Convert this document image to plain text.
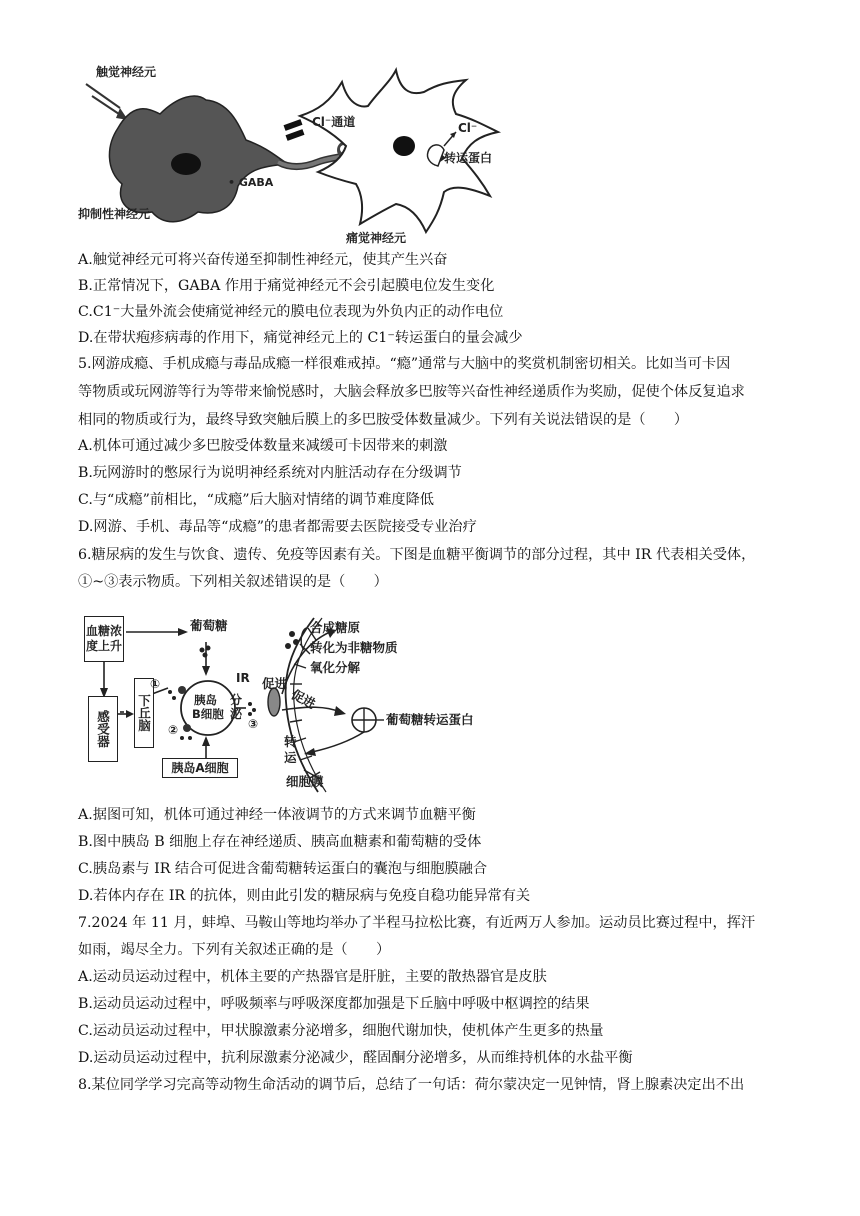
触觉神经元
• GABA
抑制性神经元
Cl⁻通道	Cl⁻
转运蛋白
痛觉神经元
A.触觉神经元可将兴奋传递至抑制性神经元，使其产生兴奋
B.正常情况下，GABA 作用于痛觉神经元不会引起膜电位发生变化
C.C1⁻大量外流会使痛觉神经元的膜电位表现为外负内正的动作电位
D.在带状疱疹病毒的作用下，痛觉神经元上的 C1⁻转运蛋白的量会减少
5.网游成瘾、手机成瘾与毒品成瘾一样很难戒掉。“瘾”通常与大脑中的奖赏机制密切相关。比如当可卡因
等物质或玩网游等行为等带来愉悦感时，大脑会释放多巴胺等兴奋性神经递质作为奖励，促使个体反复追求
相同的物质或行为，最终导致突触后膜上的多巴胺受体数量减少。下列有关说法错误的是（　　）
A.机体可通过减少多巴胺受体数量来减缓可卡因带来的刺激
B.玩网游时的憋尿行为说明神经系统对内脏活动存在分级调节
C.与“成瘾”前相比，“成瘾”后大脑对情绪的调节难度降低
D.网游、手机、毒品等“成瘾”的患者都需要去医院接受专业治疗
6.糖尿病的发生与饮食、遗传、免疫等因素有关。下图是血糖平衡调节的部分过程，其中 IR 代表相关受体，
①~③表示物质。下列相关叙述错误的是（　　）
血糖浓度上升
感受器	下丘脑
胰岛A细胞
葡萄糖
胰岛
B细胞
①
②	③
IR
分
泌
促进
促进
合成糖原
转化为非糖物质
氧化分解
葡萄糖转运蛋白
转
运
细胞膜
A.据图可知，机体可通过神经一体液调节的方式来调节血糖平衡
B.图中胰岛 B 细胞上存在神经递质、胰高血糖素和葡萄糖的受体
C.胰岛素与 IR 结合可促进含葡萄糖转运蛋白的囊泡与细胞膜融合
D.若体内存在 IR 的抗体，则由此引发的糖尿病与免疫自稳功能异常有关
7.2024 年 11 月，蚌埠、马鞍山等地均举办了半程马拉松比赛，有近两万人参加。运动员比赛过程中，挥汗
如雨，竭尽全力。下列有关叙述正确的是（　　）
A.运动员运动过程中，机体主要的产热器官是肝脏，主要的散热器官是皮肤
B.运动员运动过程中，呼吸频率与呼吸深度都加强是下丘脑中呼吸中枢调控的结果
C.运动员运动过程中，甲状腺激素分泌增多，细胞代谢加快，使机体产生更多的热量
D.运动员运动过程中，抗利尿激素分泌减少，醛固酮分泌增多，从而维持机体的水盐平衡
8.某位同学学习完高等动物生命活动的调节后，总结了一句话：荷尔蒙决定一见钟情，肾上腺素决定出不出
